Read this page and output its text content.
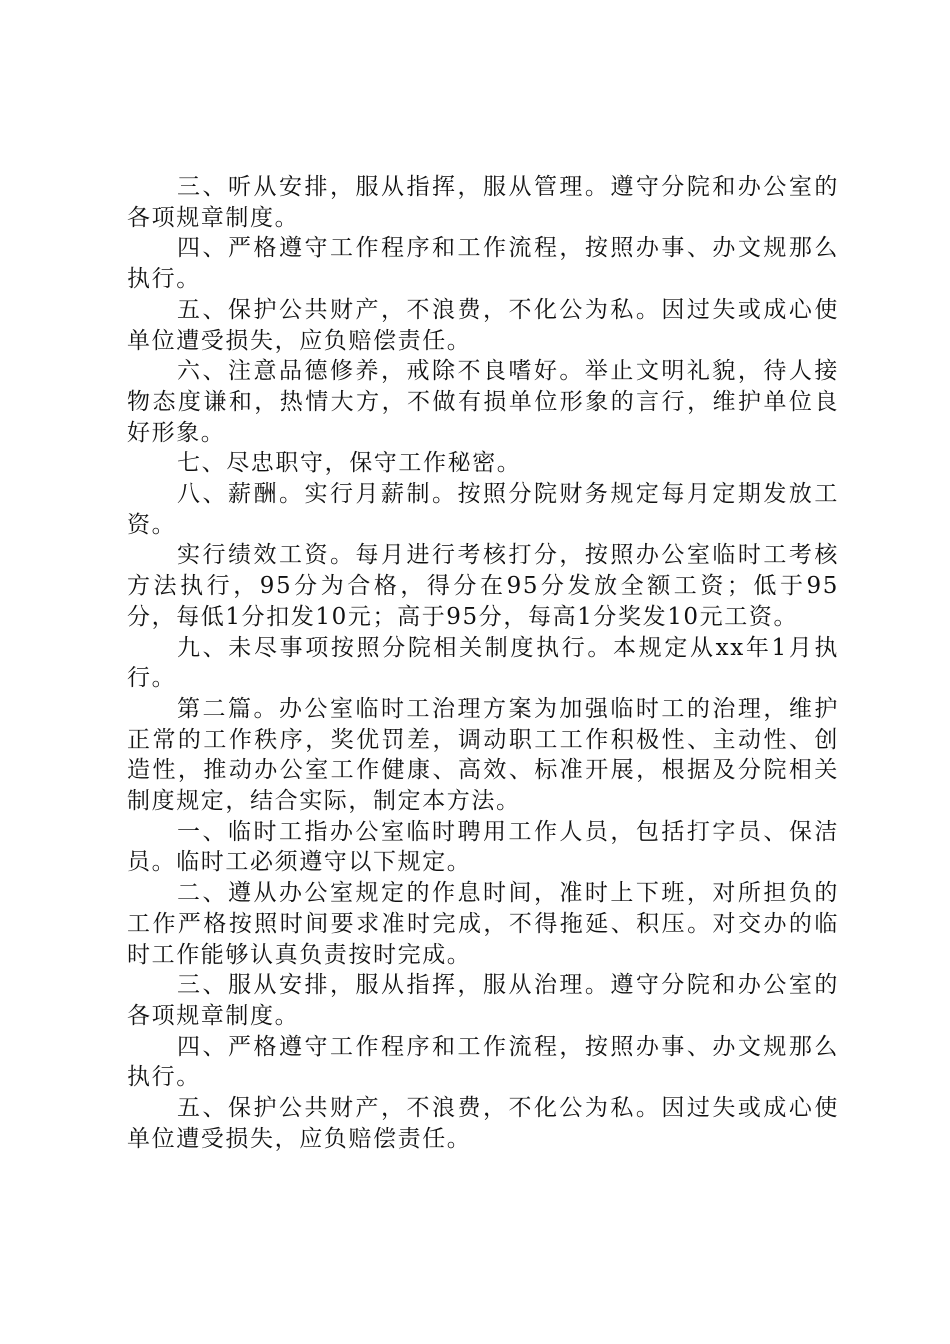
三、听从安排，服从指挥，服从管理。遵守分院和办公室的各项规章制度。

四、严格遵守工作程序和工作流程，按照办事、办文规那么执行。

五、保护公共财产，不浪费，不化公为私。因过失或成心使单位遭受损失，应负赔偿责任。

六、注意品德修养，戒除不良嗜好。举止文明礼貌，待人接物态度谦和，热情大方，不做有损单位形象的言行，维护单位良好形象。

七、尽忠职守，保守工作秘密。

八、薪酬。实行月薪制。按照分院财务规定每月定期发放工资。

实行绩效工资。每月进行考核打分，按照办公室临时工考核方法执行，95分为合格，得分在95分发放全额工资；低于95分，每低1分扣发10元；高于95分，每高1分奖发10元工资。

九、未尽事项按照分院相关制度执行。本规定从xx年1月执行。

第二篇。办公室临时工治理方案为加强临时工的治理，维护正常的工作秩序，奖优罚差，调动职工工作积极性、主动性、创造性，推动办公室工作健康、高效、标准开展，根据及分院相关制度规定，结合实际，制定本方法。

一、临时工指办公室临时聘用工作人员，包括打字员、保洁员。临时工必须遵守以下规定。

二、遵从办公室规定的作息时间，准时上下班，对所担负的工作严格按照时间要求准时完成，不得拖延、积压。对交办的临时工作能够认真负责按时完成。

三、服从安排，服从指挥，服从治理。遵守分院和办公室的各项规章制度。

四、严格遵守工作程序和工作流程，按照办事、办文规那么执行。

五、保护公共财产，不浪费，不化公为私。因过失或成心使单位遭受损失，应负赔偿责任。
